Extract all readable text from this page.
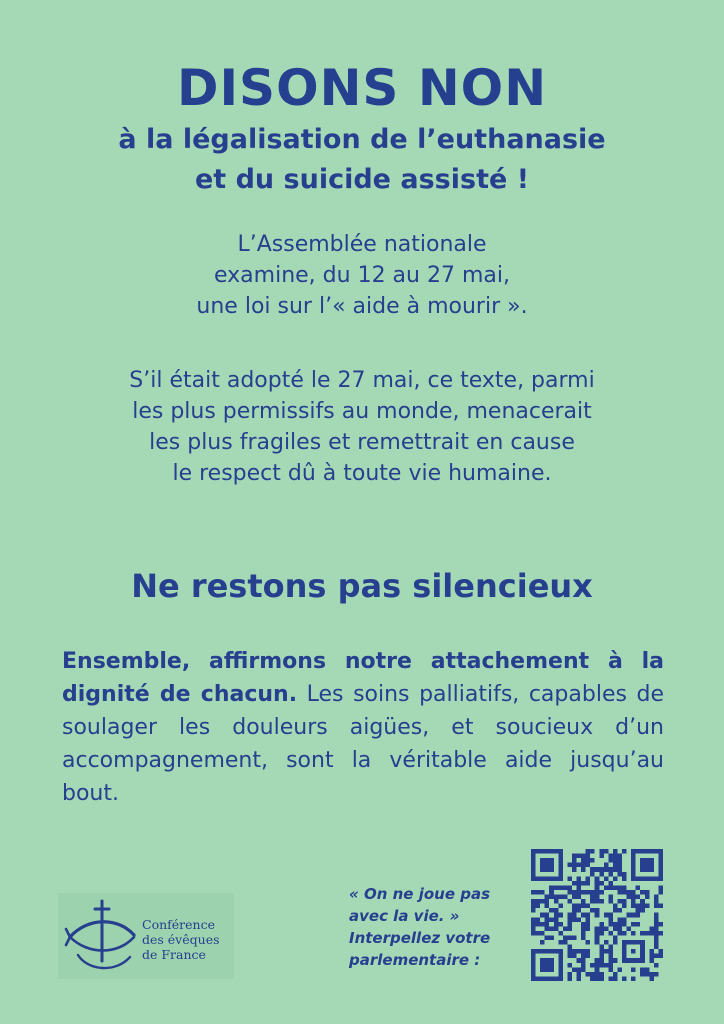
DISONS NON
à la légalisation de l’euthanasie
et du suicide assisté !
L’Assemblée nationale
examine, du 12 au 27 mai,
une loi sur l’« aide à mourir ».
S’il était adopté le 27 mai, ce texte, parmi
les plus permissifs au monde, menacerait
les plus fragiles et remettrait en cause
le respect dû à toute vie humaine.
Ne restons pas silencieux
Ensemble, affirmons notre attachement à la dignité de chacun. Les soins palliatifs, capables de soulager les douleurs aigües, et soucieux d’un accompagnement, sont la véritable aide jusqu’au bout.
Conférence
des évêques
de France
« On ne joue pas
avec la vie. »
Interpellez votre
parlementaire :
